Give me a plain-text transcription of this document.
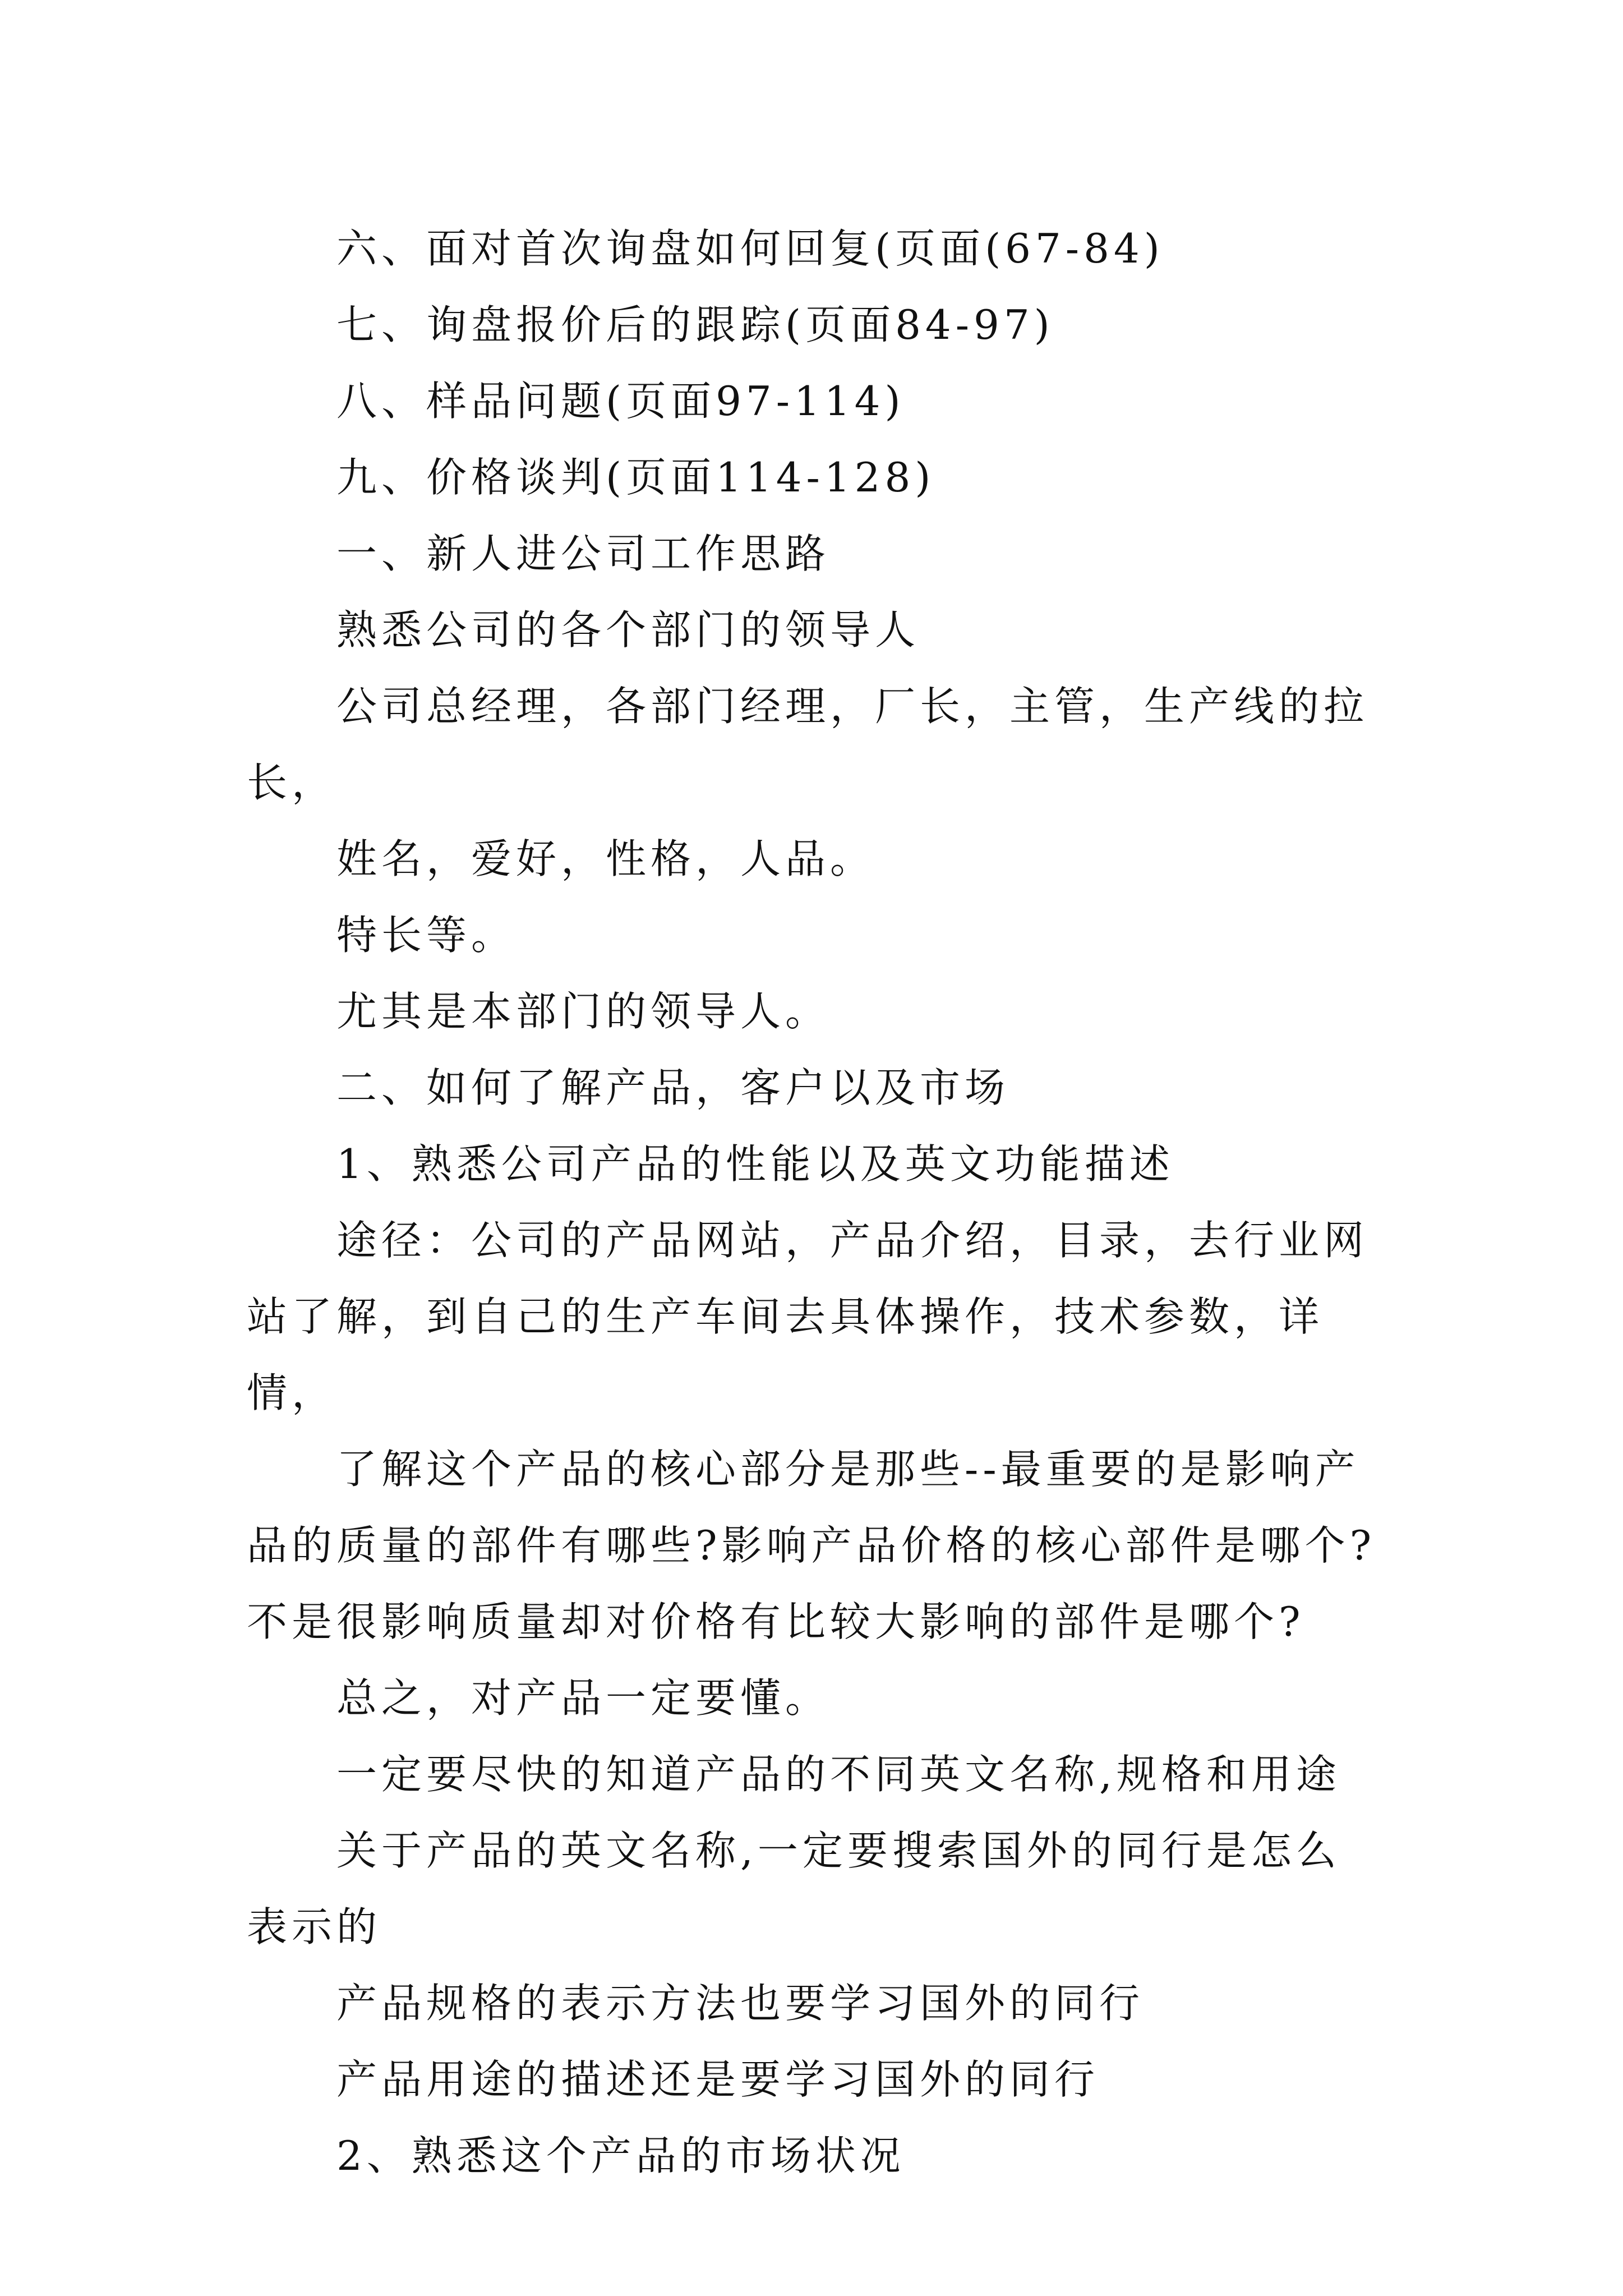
六、面对首次询盘如何回复(页面(67-84)

七、询盘报价后的跟踪(页面84-97)

八、样品问题(页面97-114)

九、价格谈判(页面114-128)

一、新人进公司工作思路

熟悉公司的各个部门的领导人

公司总经理，各部门经理，厂长，主管，生产线的拉长，

姓名，爱好，性格，人品。

特长等。

尤其是本部门的领导人。

二、如何了解产品，客户以及市场

1、熟悉公司产品的性能以及英文功能描述

途径：公司的产品网站，产品介绍，目录，去行业网站了解，到自己的生产车间去具体操作，技术参数，详情，

了解这个产品的核心部分是那些--最重要的是影响产品的质量的部件有哪些?影响产品价格的核心部件是哪个?不是很影响质量却对价格有比较大影响的部件是哪个?

总之，对产品一定要懂。

一定要尽快的知道产品的不同英文名称,规格和用途

关于产品的英文名称,一定要搜索国外的同行是怎么表示的

产品规格的表示方法也要学习国外的同行

产品用途的描述还是要学习国外的同行

2、熟悉这个产品的市场状况
